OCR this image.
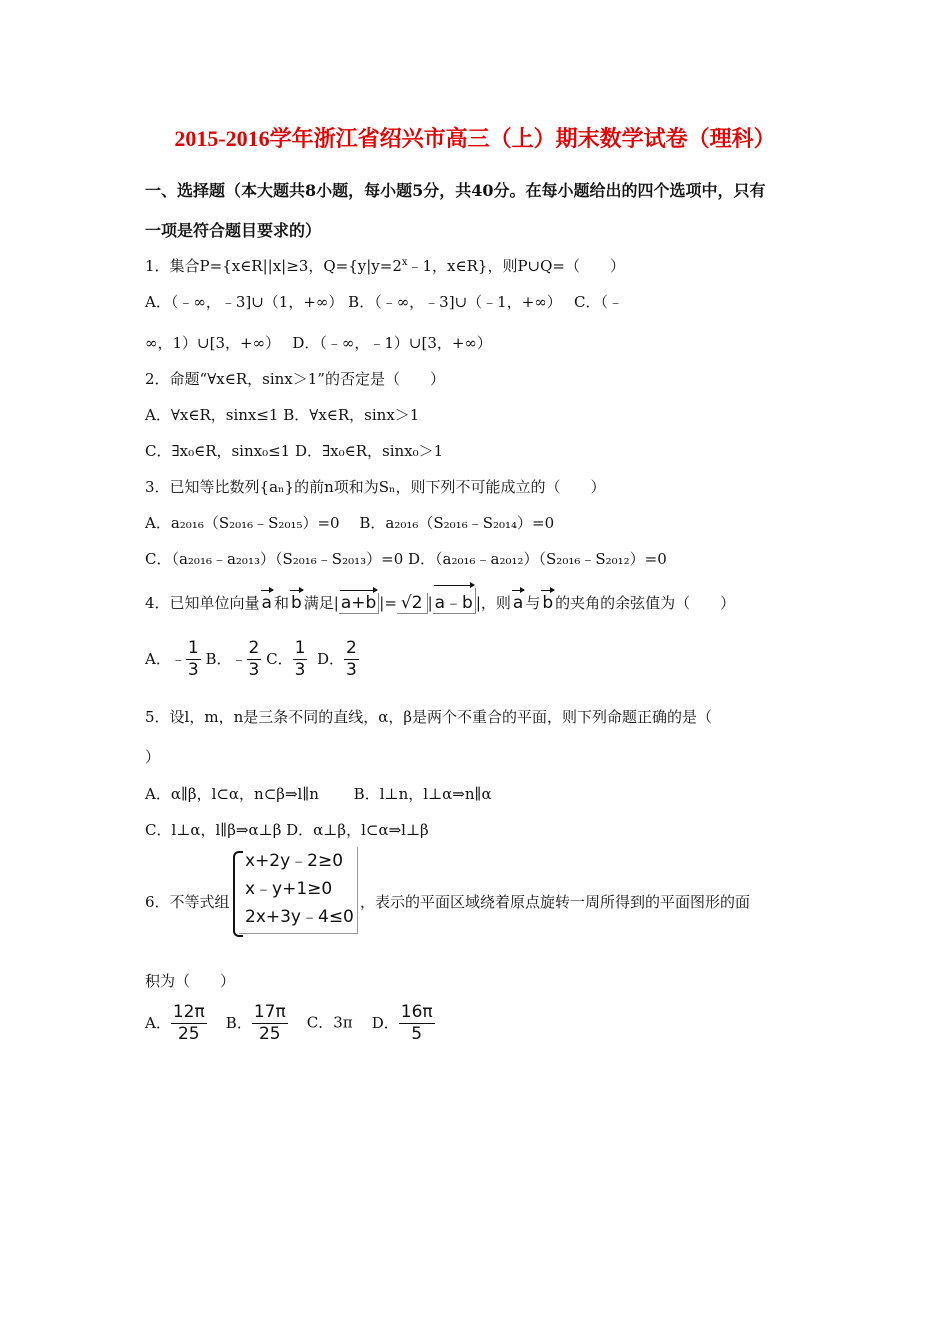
2015-2016学年浙江省绍兴市高三（上）期末数学试卷（理科）
一、选择题（本大题共8小题，每小题5分，共40分。在每小题给出的四个选项中，只有
一项是符合题目要求的）
1．集合P={x∈R||x|≥3，$Q=\{y|y=2^x﹣1$，x∈R}，则P∪Q=（　　）
A．（﹣∞，﹣3]∪（1，+∞） B．（﹣∞，﹣3]∪（﹣1，+∞）　 C．（﹣
∞，1）∪[3，+∞）　 D．（﹣∞，﹣1）∪[3，+∞）
2．命题“∀x∈R，sinx＞1”的否定是（　　）
A．∀x∈R，sinx≤1 B．∀x∈R，sinx＞1
C．∃x₀∈R，sinx₀≤1 D．∃x₀∈R，sinx₀＞1
3．已知等比数列{aₙ}的前n项和为Sₙ，则下列不可能成立的（　　）
A．a₂₀₁₆（S₂₀₁₆﹣S₂₀₁₅）=0　 B．a₂₀₁₆（S₂₀₁₆﹣S₂₀₁₄）=0
C．（a₂₀₁₆﹣a₂₀₁₃）（S₂₀₁₆﹣S₂₀₁₃）=0 D．（a₂₀₁₆﹣a₂₀₁₂）（S₂₀₁₆﹣S₂₀₁₂）=0
4．已知单位向量 a 和 b 满足| a+b |= √2 | a﹣b |，则 a 与 b 的夹角的余弦值为（　　）
A．﹣ $\frac{1}{3}$ B．﹣ $\frac{2}{3}$ C． $\frac{1}{3}$ D． $\frac{2}{3}$
5．设l，m，n是三条不同的直线，α，β是两个不重合的平面，则下列命题正确的是（
）
A．α∥β，l⊂α，n⊂β⇒l∥n　　 B．l⊥n，l⊥α⇒n∥α
C．l⊥α，l∥β⇒α⊥β D．α⊥β，l⊂α⇒l⊥β
6．不等式组
x+2y﹣2≥0
x﹣y+1≥0
2x+3y﹣4≤0
，表示的平面区域绕着原点旋转一周所得到的平面图形的面
积为（　　）
A． $\frac{12\pi}{25}$ B． $\frac{17\pi}{25}$ C．3π D． $\frac{16\pi}{5}$
